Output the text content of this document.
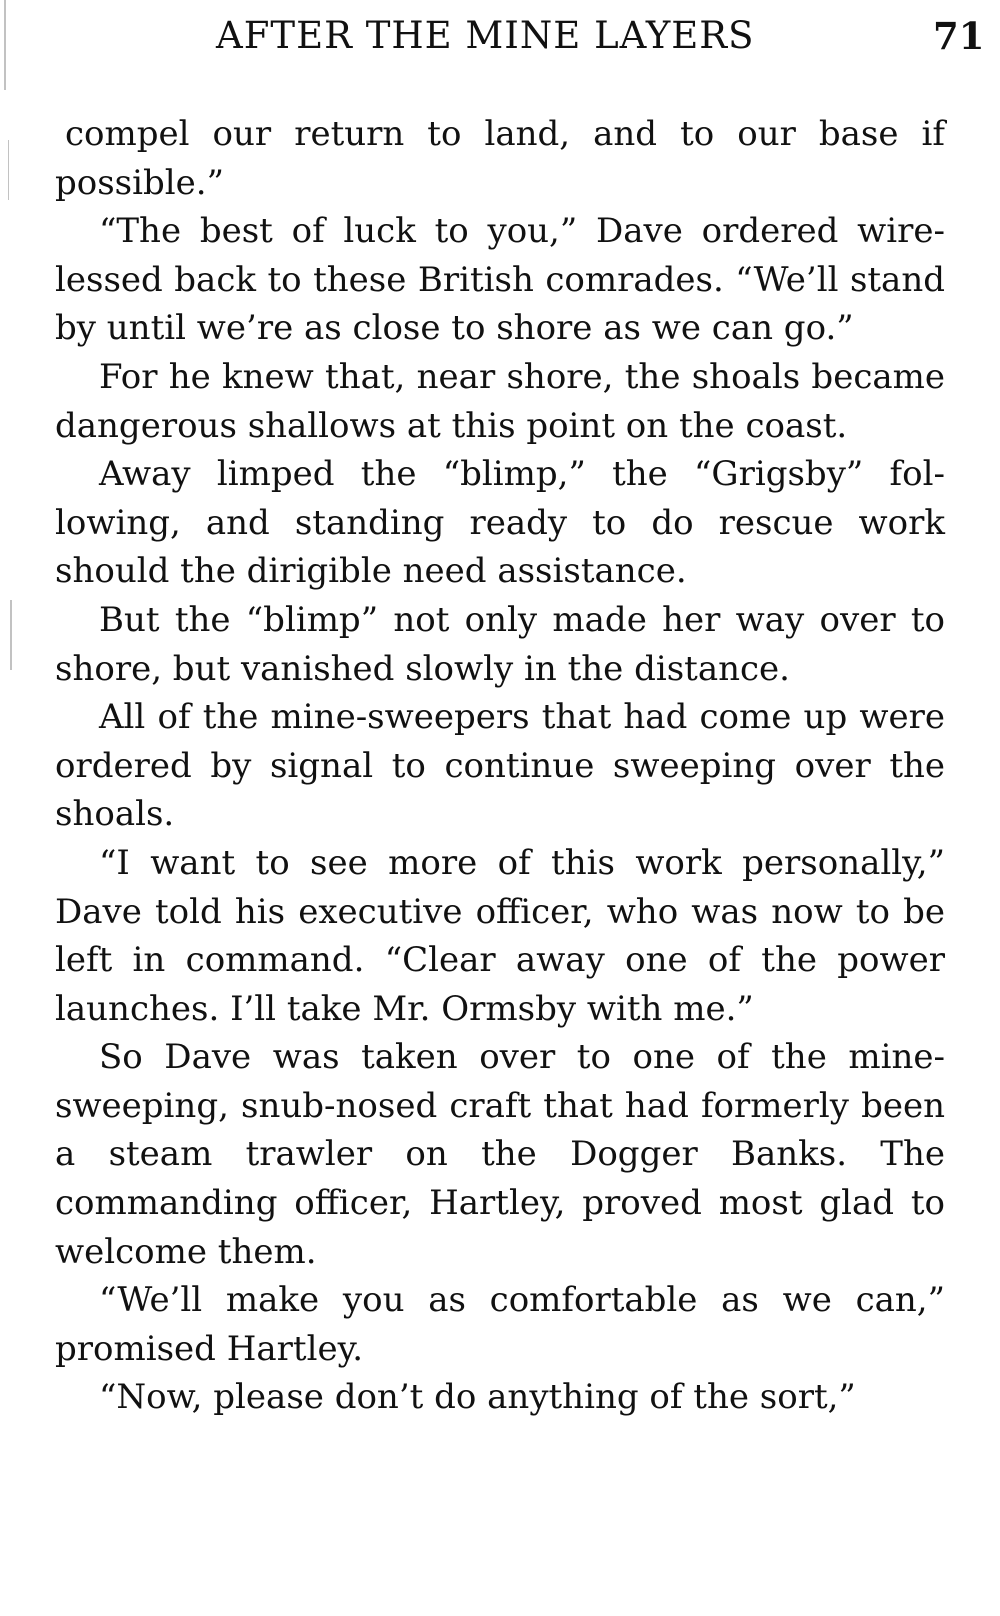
AFTER THE MINE LAYERS	71

compel our return to land, and to our base if possible.”

“The best of luck to you,” Dave ordered wirelessed back to these British comrades. “We’ll stand by until we’re as close to shore as we can go.”

For he knew that, near shore, the shoals became dangerous shallows at this point on the coast.

Away limped the “blimp,” the “Grigsby” following, and standing ready to do rescue work should the dirigible need assistance.

But the “blimp” not only made her way over to shore, but vanished slowly in the distance.

All of the mine-sweepers that had come up were ordered by signal to continue sweeping over the shoals.

“I want to see more of this work personally,” Dave told his executive officer, who was now to be left in command. “Clear away one of the power launches. I’ll take Mr. Ormsby with me.”

So Dave was taken over to one of the minesweeping, snub-nosed craft that had formerly been a steam trawler on the Dogger Banks. The commanding officer, Hartley, proved most glad to welcome them.

“We’ll make you as comfortable as we can,” promised Hartley.

“Now, please don’t do anything of the sort,”
